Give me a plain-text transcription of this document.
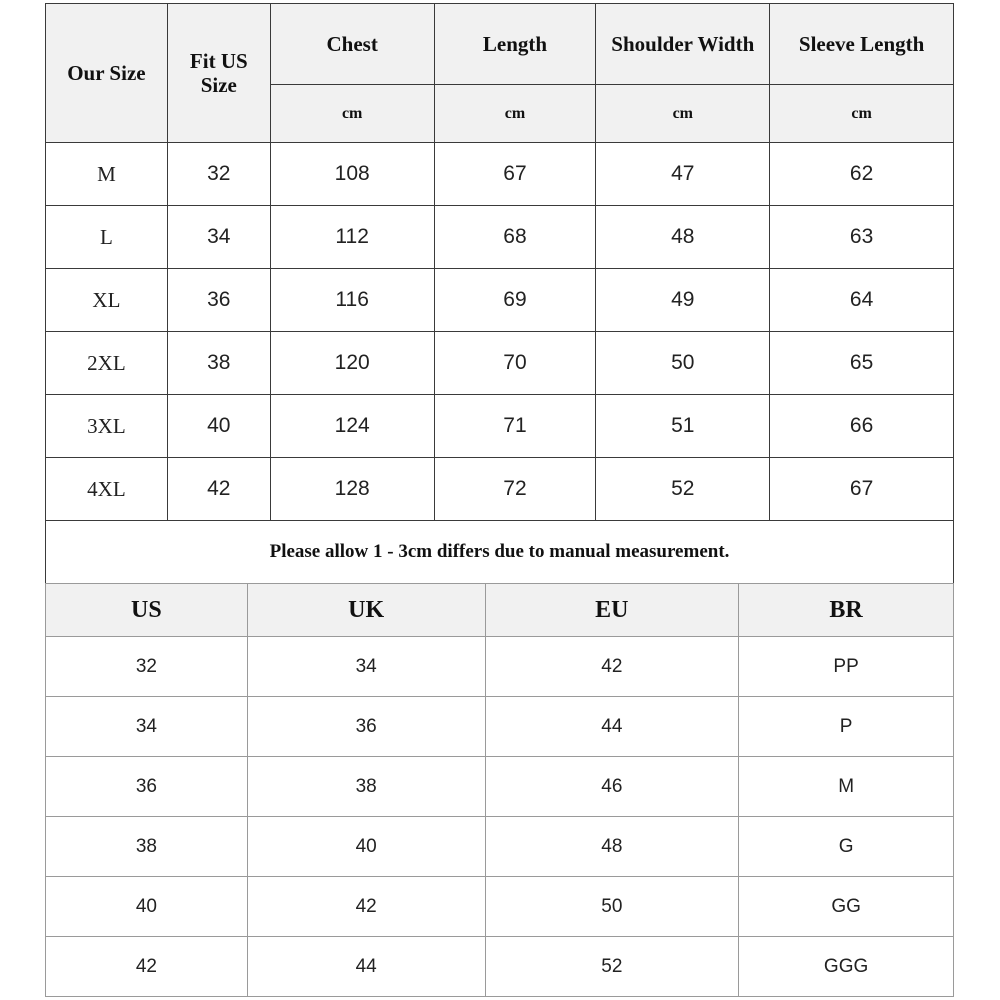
Our Size	Fit US Size	Chest	Length	Shoulder Width	Sleeve Length
		cm	cm	cm	cm
M	32	108	67	47	62
L	34	112	68	48	63
XL	36	116	69	49	64
2XL	38	120	70	50	65
3XL	40	124	71	51	66
4XL	42	128	72	52	67
Please allow 1 - 3cm differs due to manual measurement.					
US	UK	EU	BR
32	34	42	PP
34	36	44	P
36	38	46	M
38	40	48	G
40	42	50	GG
42	44	52	GGG
